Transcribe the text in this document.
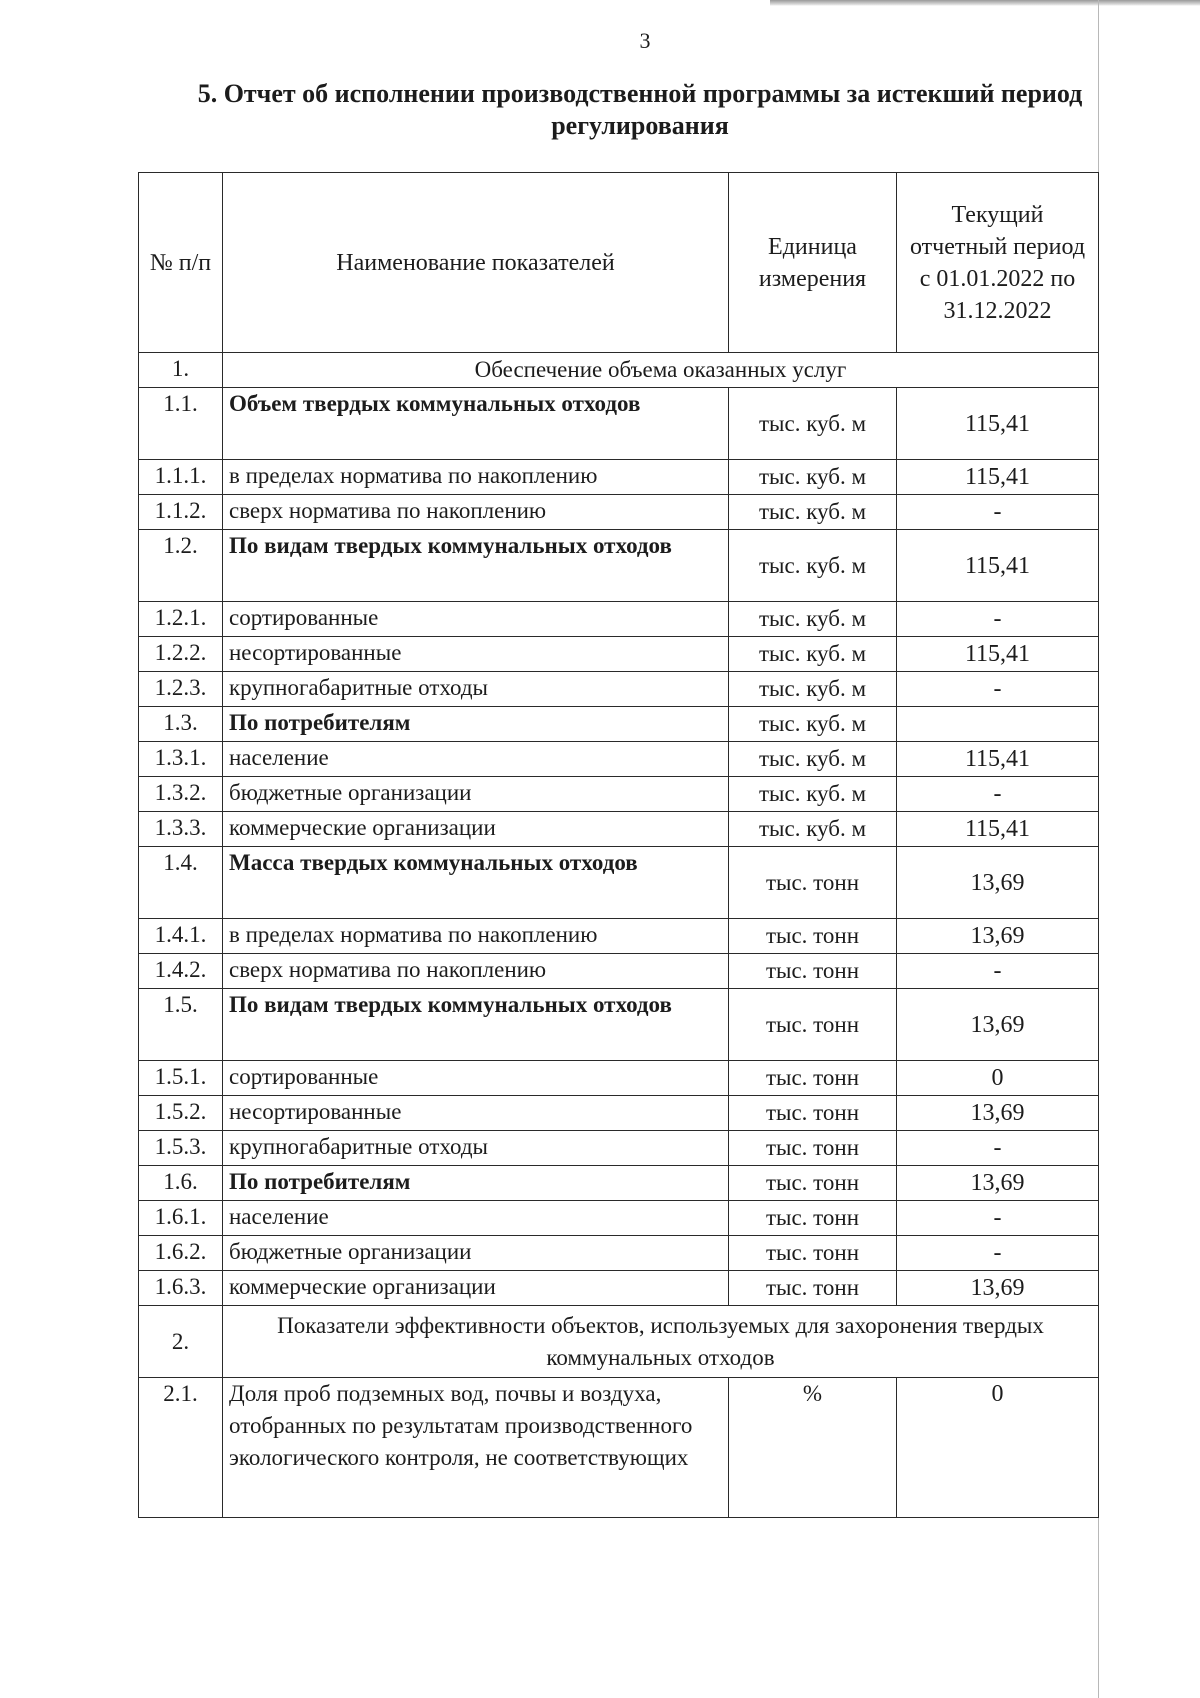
3
5. Отчет об исполнении производственной программы за истекший период
регулирования
№ п/п	Наименование показателей	Единица измерения	Текущий отчетный период с 01.01.2022 по 31.12.2022
1.	Обеспечение объема оказанных услуг		
1.1.	Объем твердых коммунальных отходов	тыс. куб. м	115,41
1.1.1.	в пределах норматива по накоплению	тыс. куб. м	115,41
1.1.2.	сверх норматива по накоплению	тыс. куб. м	-
1.2.	По видам твердых коммунальных отходов	тыс. куб. м	115,41
1.2.1.	сортированные	тыс. куб. м	-
1.2.2.	несортированные	тыс. куб. м	115,41
1.2.3.	крупногабаритные отходы	тыс. куб. м	-
1.3.	По потребителям	тыс. куб. м	
1.3.1.	население	тыс. куб. м	115,41
1.3.2.	бюджетные организации	тыс. куб. м	-
1.3.3.	коммерческие организации	тыс. куб. м	115,41
1.4.	Масса твердых коммунальных отходов	тыс. тонн	13,69
1.4.1.	в пределах норматива по накоплению	тыс. тонн	13,69
1.4.2.	сверх норматива по накоплению	тыс. тонн	-
1.5.	По видам твердых коммунальных отходов	тыс. тонн	13,69
1.5.1.	сортированные	тыс. тонн	0
1.5.2.	несортированные	тыс. тонн	13,69
1.5.3.	крупногабаритные отходы	тыс. тонн	-
1.6.	По потребителям	тыс. тонн	13,69
1.6.1.	население	тыс. тонн	-
1.6.2.	бюджетные организации	тыс. тонн	-
1.6.3.	коммерческие организации	тыс. тонн	13,69
2.	Показатели эффективности объектов, используемых для захоронения твердых коммунальных отходов		
2.1.	Доля проб подземных вод, почвы и воздуха, отобранных по результатам производственного экологического контроля, не соответствующих	%	0
